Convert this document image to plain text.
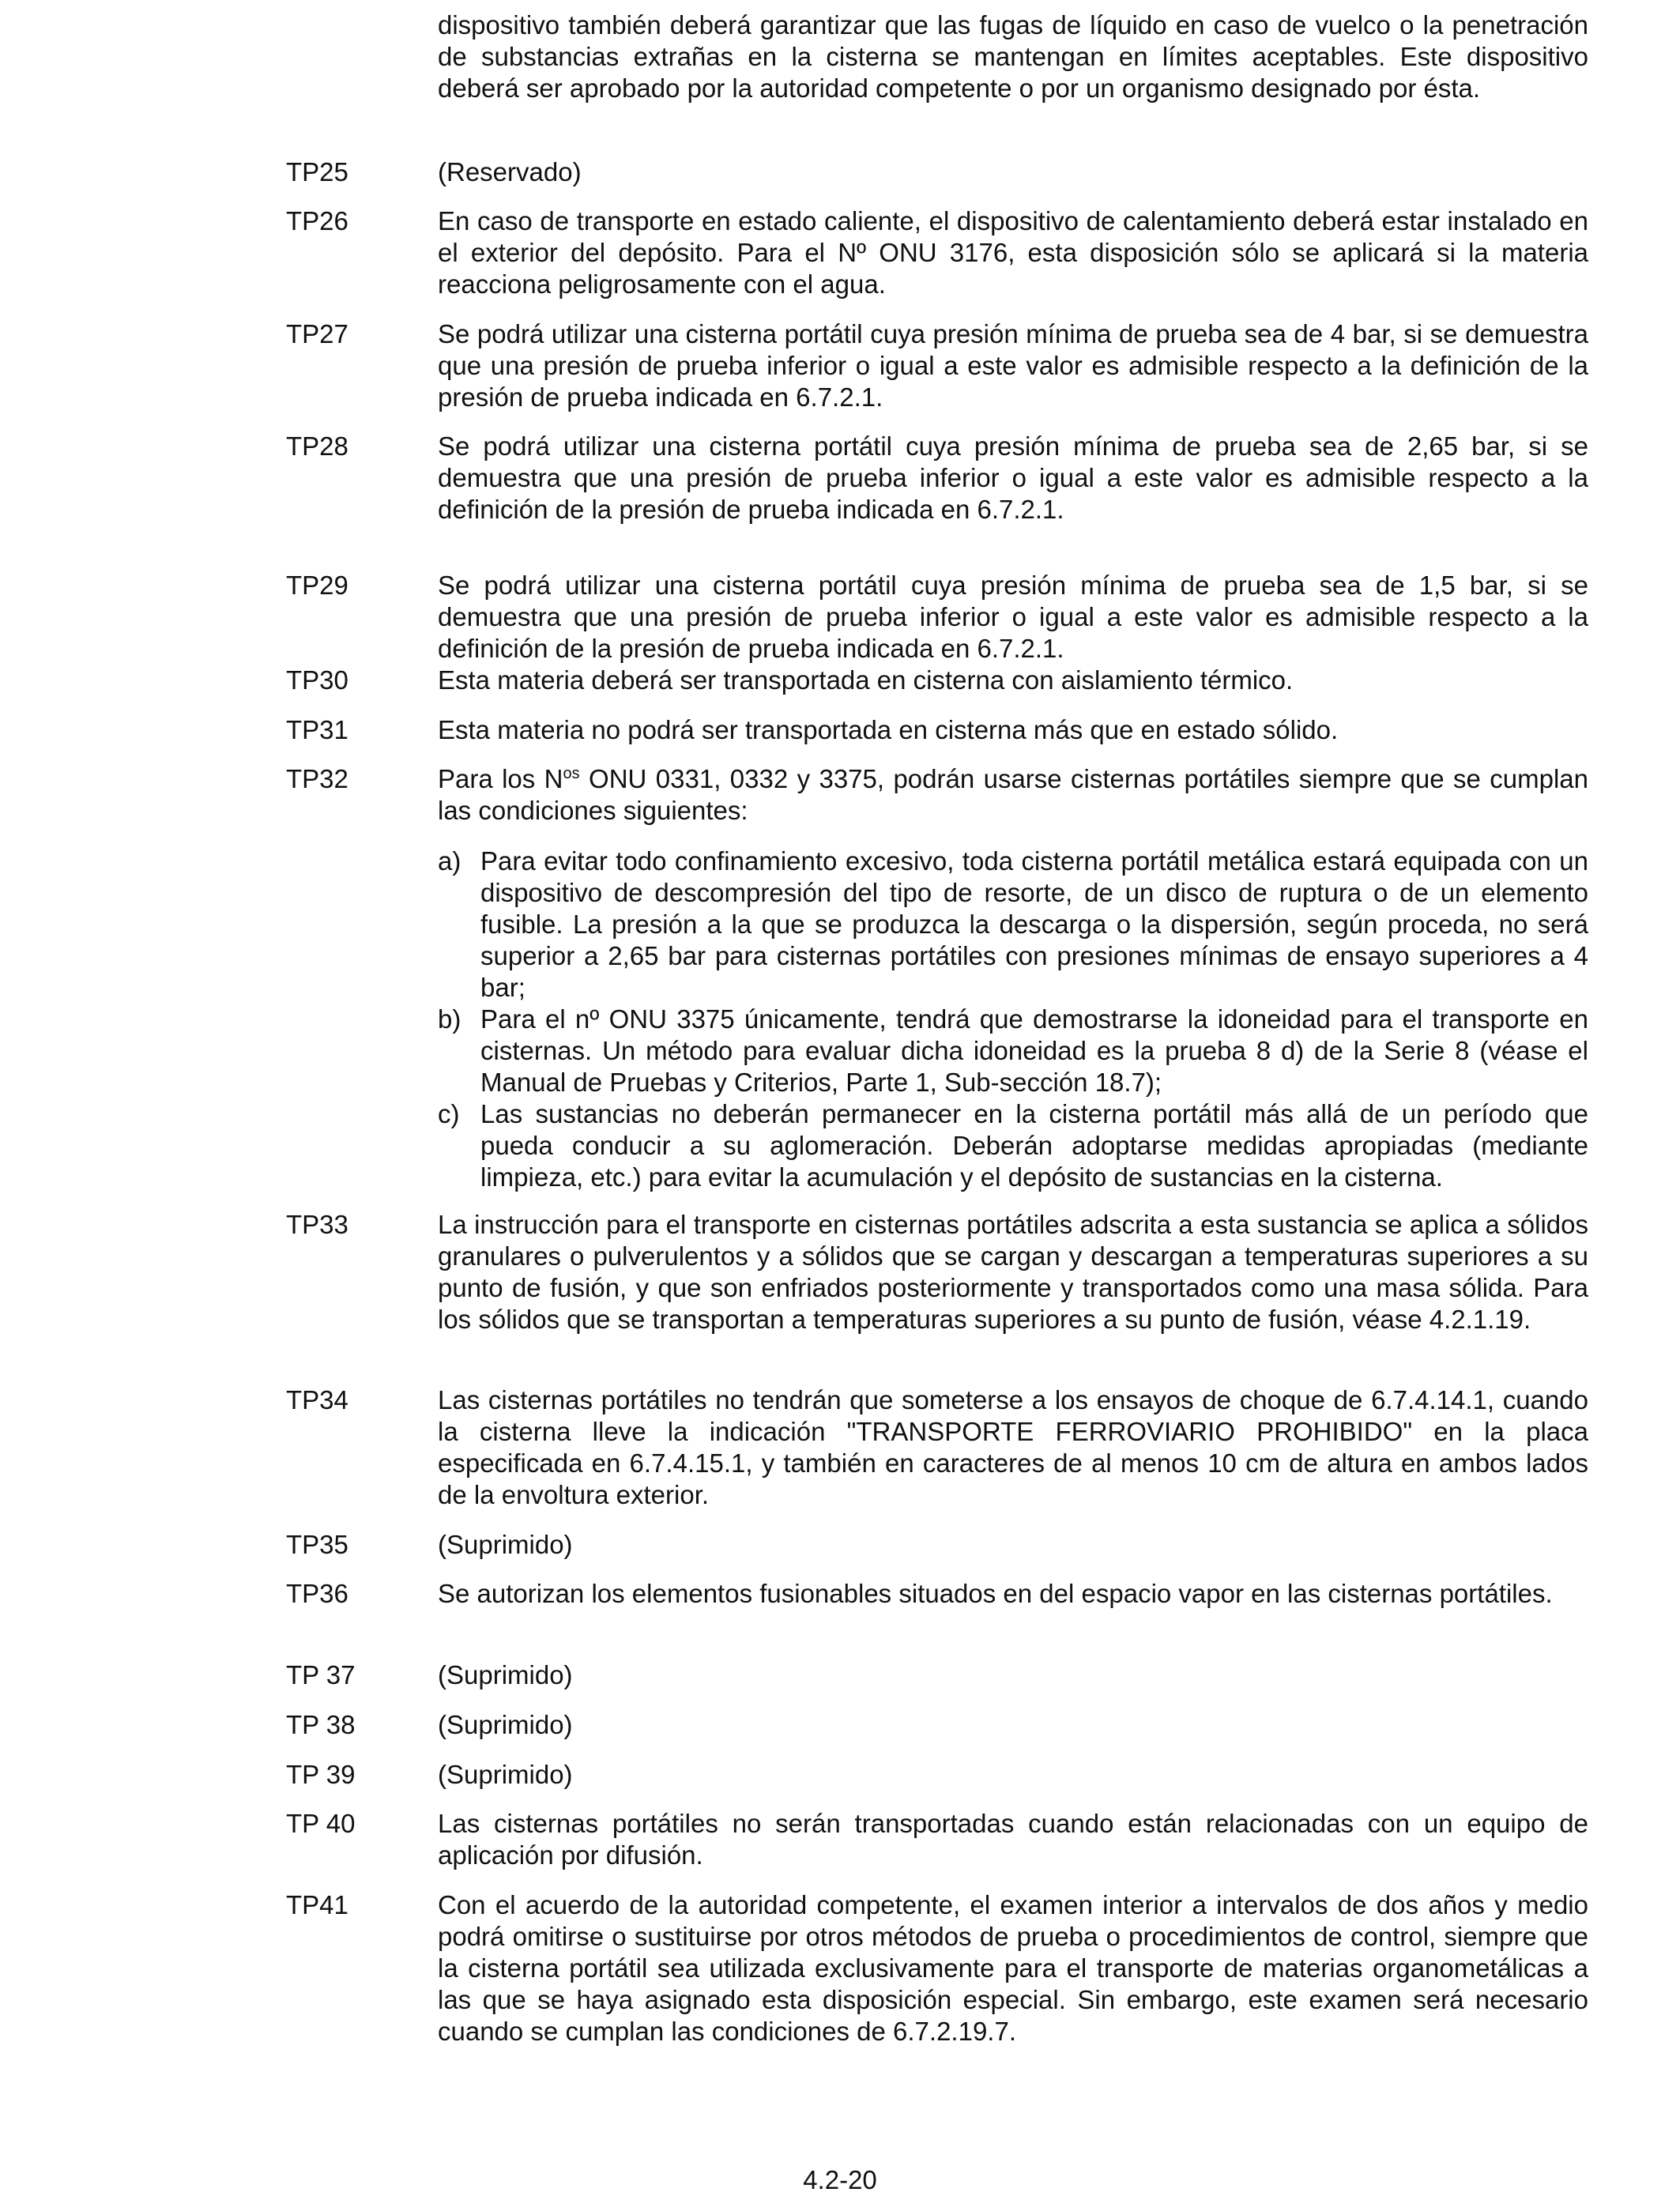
dispositivo también deberá garantizar que las fugas de líquido en caso de vuelco o la penetración de substancias extrañas en la cisterna se mantengan en límites aceptables. Este dispositivo deberá ser aprobado por la autoridad competente o por un organismo designado por ésta.

TP25	(Reservado)

TP26	En caso de transporte en estado caliente, el dispositivo de calentamiento deberá estar instalado en el exterior del depósito. Para el Nº ONU 3176, esta disposición sólo se aplicará si la materia reacciona peligrosamente con el agua.

TP27	Se podrá utilizar una cisterna portátil cuya presión mínima de prueba sea de 4 bar, si se demuestra que una presión de prueba inferior o igual a este valor es admisible respecto a la definición de la presión de prueba indicada en 6.7.2.1.

TP28	Se podrá utilizar una cisterna portátil cuya presión mínima de prueba sea de 2,65 bar, si se demuestra que una presión de prueba inferior o igual a este valor es admisible respecto a la definición de la presión de prueba indicada en 6.7.2.1.

TP29	Se podrá utilizar una cisterna portátil cuya presión mínima de prueba sea de 1,5 bar, si se demuestra que una presión de prueba inferior o igual a este valor es admisible respecto a la definición de la presión de prueba indicada en 6.7.2.1.

TP30	Esta materia deberá ser transportada en cisterna con aislamiento térmico.

TP31	Esta materia no podrá ser transportada en cisterna más que en estado sólido.

TP32	Para los $N^{os}$ ONU 0331, 0332 y 3375, podrán usarse cisternas portátiles siempre que se cumplan las condiciones siguientes:

a) Para evitar todo confinamiento excesivo, toda cisterna portátil metálica estará equipada con un dispositivo de descompresión del tipo de resorte, de un disco de ruptura o de un elemento fusible. La presión a la que se produzca la descarga o la dispersión, según proceda, no será superior a 2,65 bar para cisternas portátiles con presiones mínimas de ensayo superiores a 4 bar;

b) Para el nº ONU 3375 únicamente, tendrá que demostrarse la idoneidad para el transporte en cisternas. Un método para evaluar dicha idoneidad es la prueba 8 d) de la Serie 8 (véase el Manual de Pruebas y Criterios, Parte 1, Sub-sección 18.7);

c) Las sustancias no deberán permanecer en la cisterna portátil más allá de un período que pueda conducir a su aglomeración. Deberán adoptarse medidas apropiadas (mediante limpieza, etc.) para evitar la acumulación y el depósito de sustancias en la cisterna.

TP33	La instrucción para el transporte en cisternas portátiles adscrita a esta sustancia se aplica a sólidos granulares o pulverulentos y a sólidos que se cargan y descargan a temperaturas superiores a su punto de fusión, y que son enfriados posteriormente y transportados como una masa sólida. Para los sólidos que se transportan a temperaturas superiores a su punto de fusión, véase 4.2.1.19.

TP34	Las cisternas portátiles no tendrán que someterse a los ensayos de choque de 6.7.4.14.1, cuando la cisterna lleve la indicación "TRANSPORTE FERROVIARIO PROHIBIDO" en la placa especificada en 6.7.4.15.1, y también en caracteres de al menos 10 cm de altura en ambos lados de la envoltura exterior.

TP35	(Suprimido)

TP36	Se autorizan los elementos fusionables situados en del espacio vapor en las cisternas portátiles.

TP 37	(Suprimido)

TP 38	(Suprimido)

TP 39	(Suprimido)

TP 40	Las cisternas portátiles no serán transportadas cuando están relacionadas con un equipo de aplicación por difusión.

TP41	Con el acuerdo de la autoridad competente, el examen interior a intervalos de dos años y medio podrá omitirse o sustituirse por otros métodos de prueba o procedimientos de control, siempre que la cisterna portátil sea utilizada exclusivamente para el transporte de materias organometálicas a las que se haya asignado esta disposición especial. Sin embargo, este examen será necesario cuando se cumplan las condiciones de 6.7.2.19.7.

4.2-20
